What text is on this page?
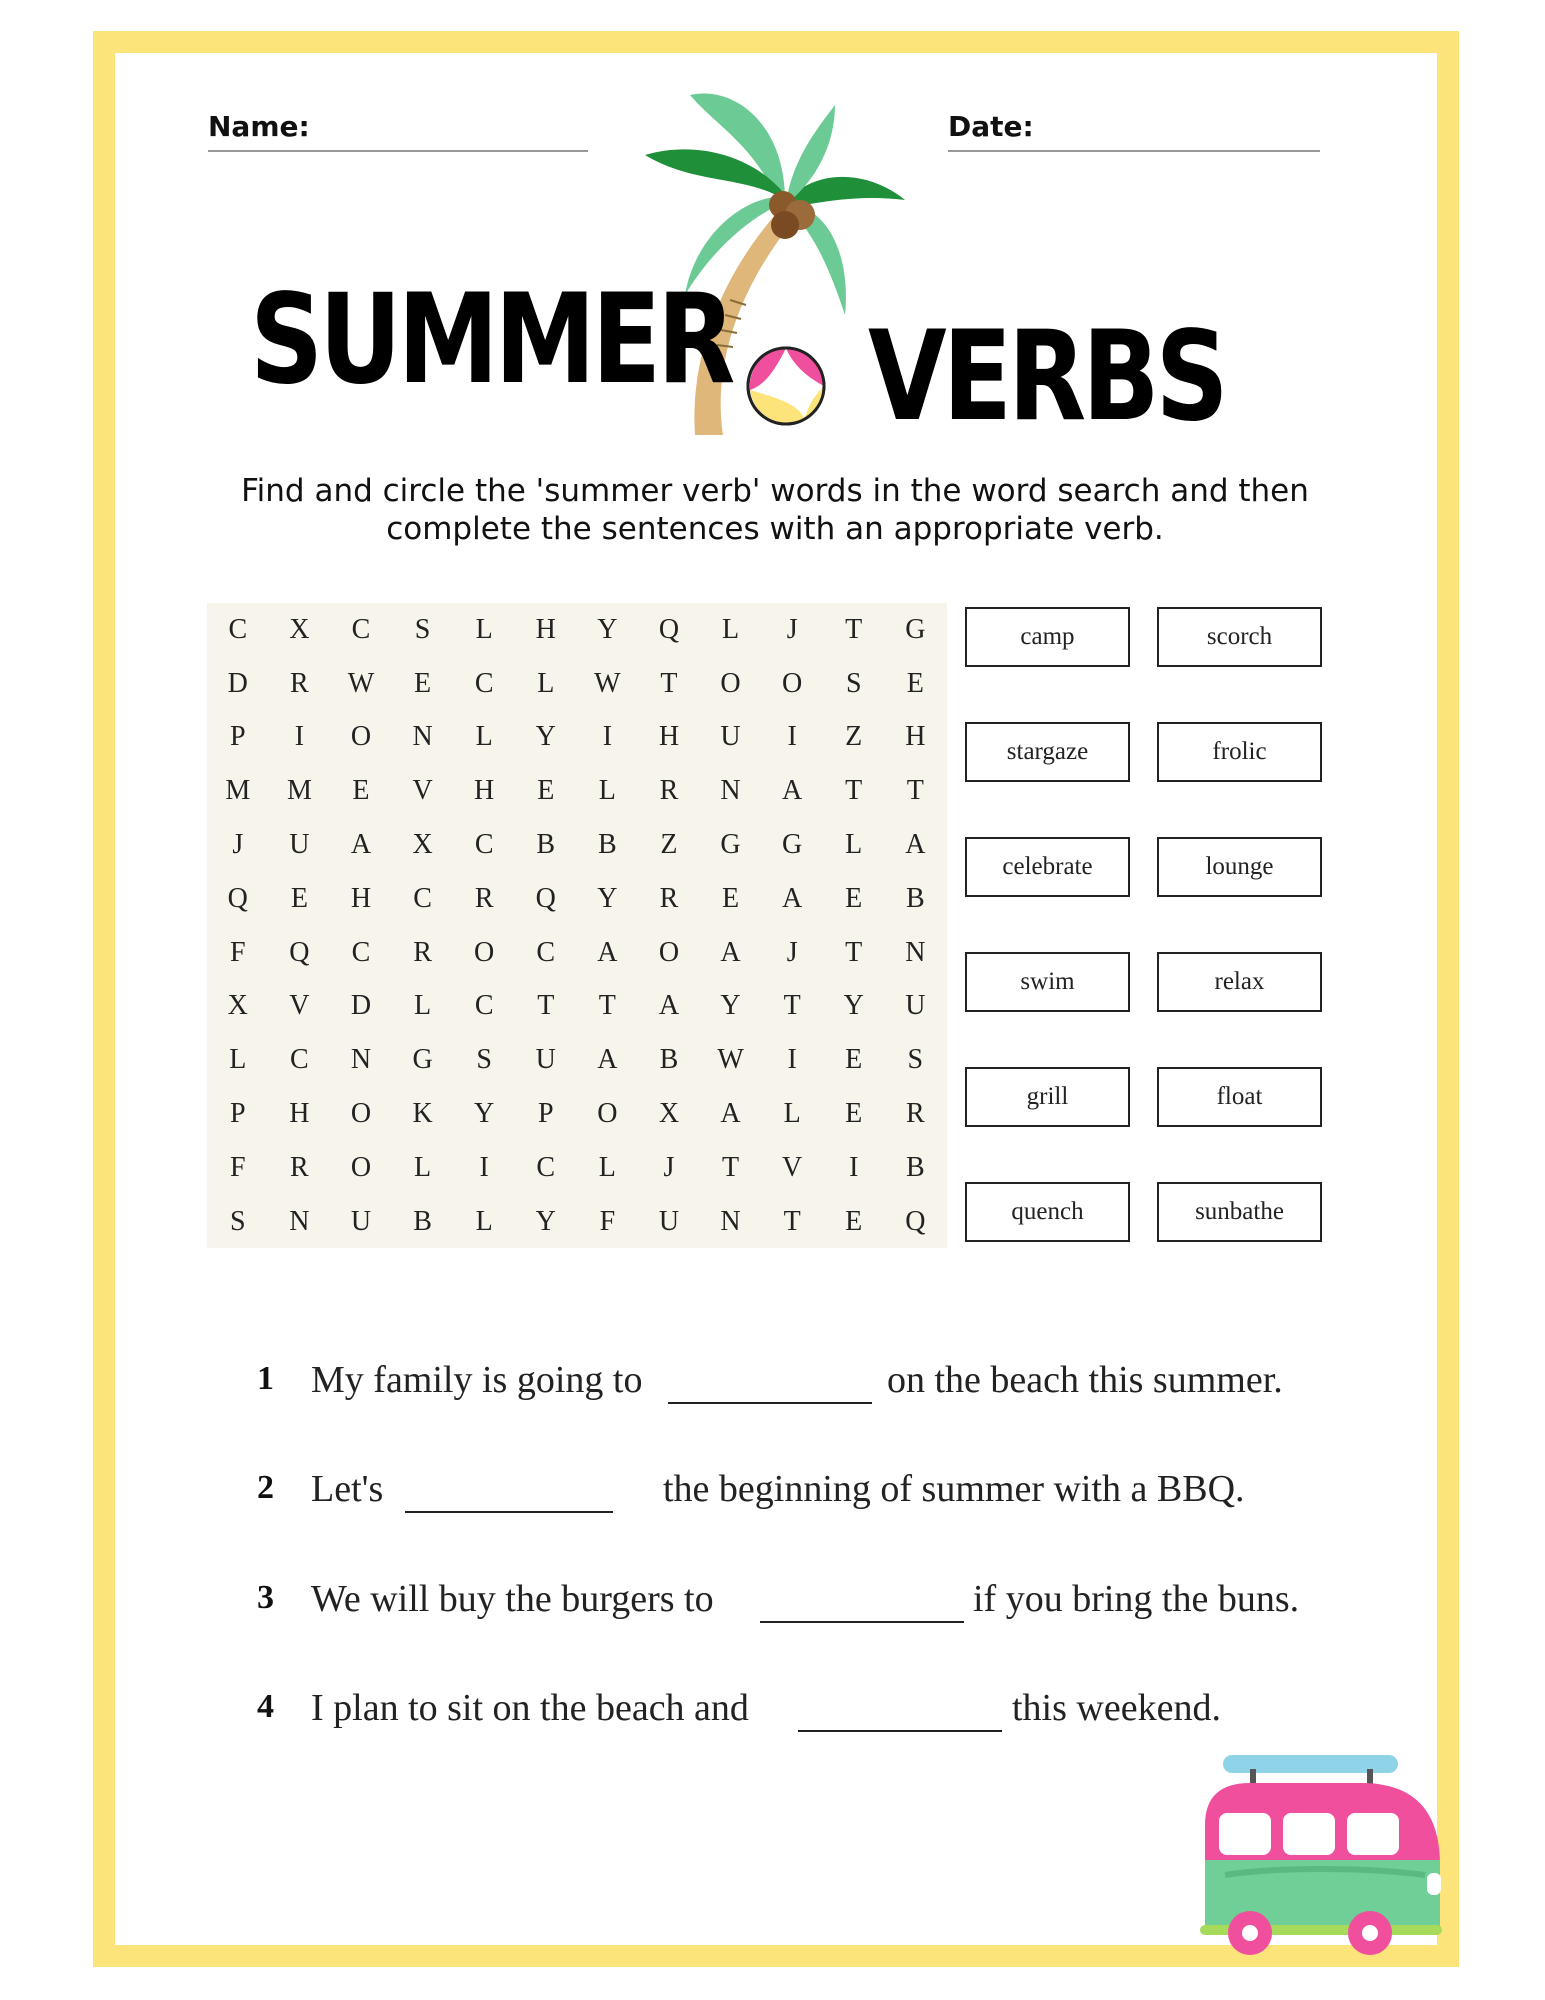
Name:	Date:
SUMMER VERBS
Find and circle the 'summer verb' words in the word search and then
complete the sentences with an appropriate verb.
C	X	C	S	L	H	Y	Q	L	J	T	G
D	R	W	E	C	L	W	T	O	O	S	E
P	I	O	N	L	Y	I	H	U	I	Z	H
M	M	E	V	H	E	L	R	N	A	T	T
J	U	A	X	C	B	B	Z	G	G	L	A
Q	E	H	C	R	Q	Y	R	E	A	E	B
F	Q	C	R	O	C	A	O	A	J	T	N
X	V	D	L	C	T	T	A	Y	T	Y	U
L	C	N	G	S	U	A	B	W	I	E	S
P	H	O	K	Y	P	O	X	A	L	E	R
F	R	O	L	I	C	L	J	T	V	I	B
S	N	U	B	L	Y	F	U	N	T	E	Q
camp	scorch
stargaze	frolic
celebrate	lounge
swim	relax
grill	float
quench	sunbathe
1 My family is going to	on the beach this summer.
2 Let's	the beginning of summer with a BBQ.
3 We will buy the burgers to	if you bring the buns.
4 I plan to sit on the beach and	this weekend.
